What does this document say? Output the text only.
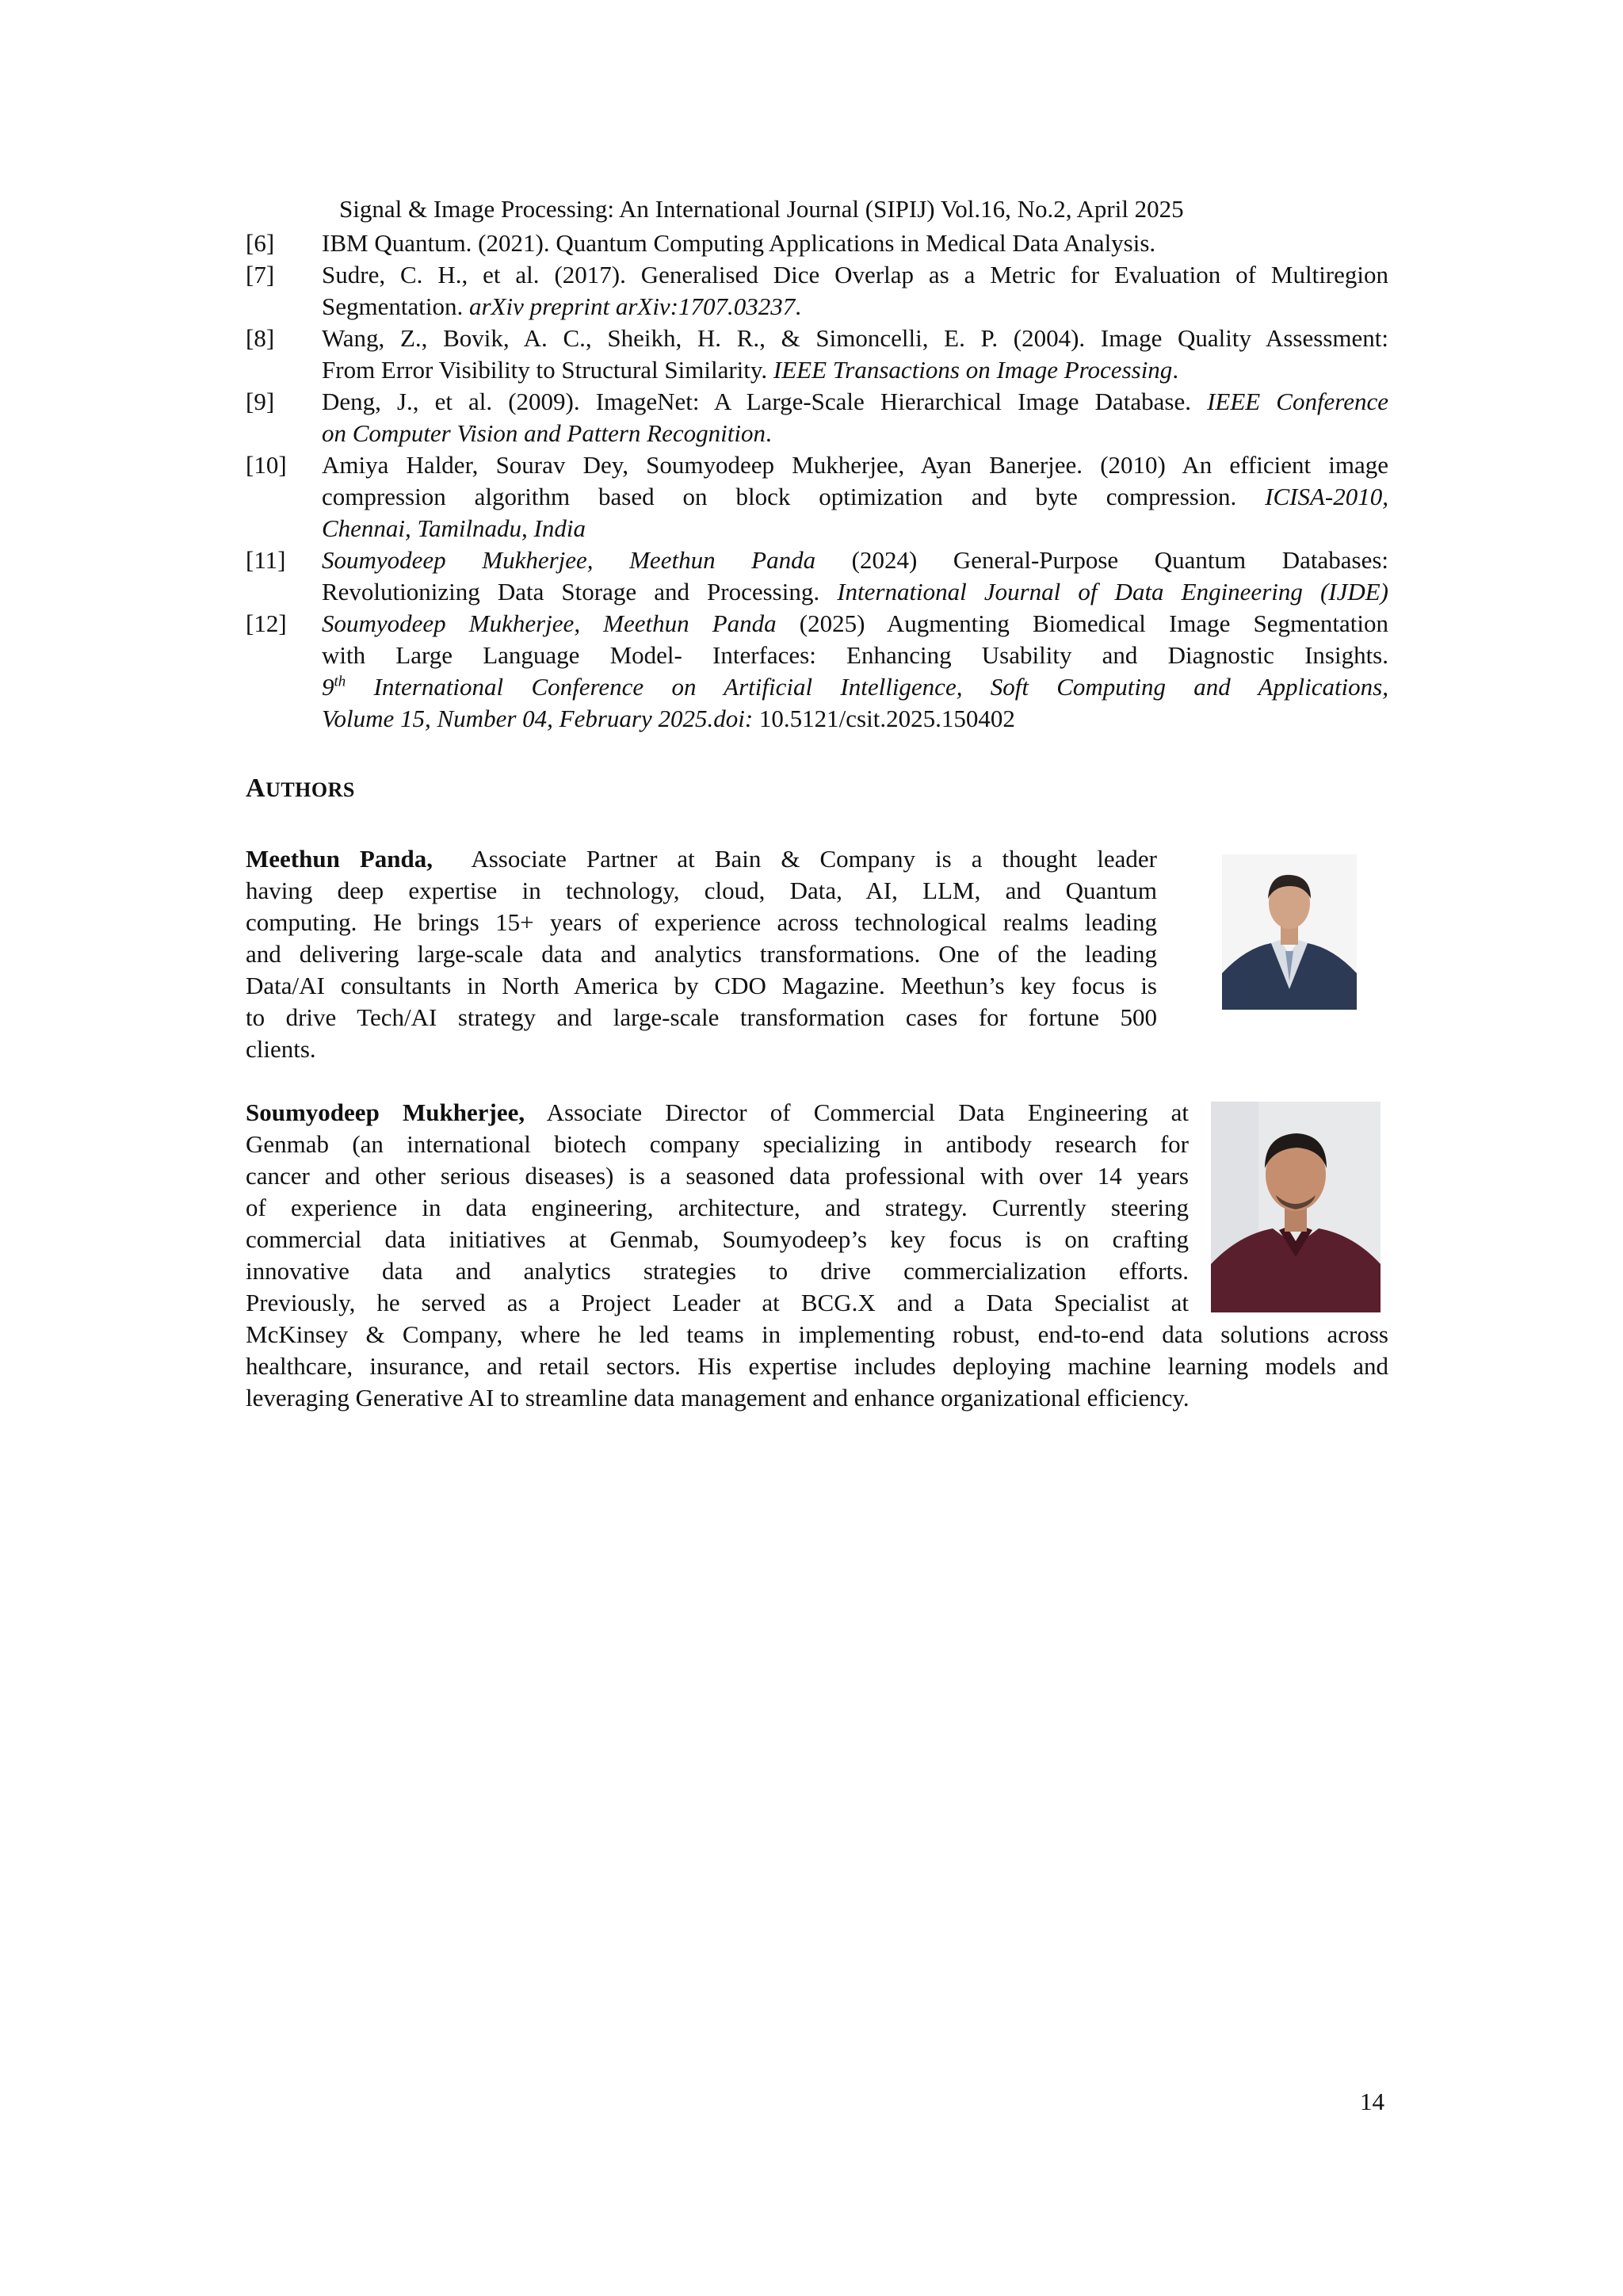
Signal & Image Processing: An International Journal (SIPIJ) Vol.16, No.2, April 2025
[6] IBM Quantum. (2021). Quantum Computing Applications in Medical Data Analysis.
[7] Sudre, C. H., et al. (2017). Generalised Dice Overlap as a Metric for Evaluation of Multiregion
Segmentation. arXiv preprint arXiv:1707.03237.
[8] Wang, Z., Bovik, A. C., Sheikh, H. R., & Simoncelli, E. P. (2004). Image Quality Assessment:
From Error Visibility to Structural Similarity. IEEE Transactions on Image Processing.
[9] Deng, J., et al. (2009). ImageNet: A Large-Scale Hierarchical Image Database. IEEE Conference
on Computer Vision and Pattern Recognition.
[10] Amiya Halder, Sourav Dey, Soumyodeep Mukherjee, Ayan Banerjee. (2010) An efficient image
compression algorithm based on block optimization and byte compression. ICISA-2010,
Chennai, Tamilnadu, India
[11] Soumyodeep Mukherjee, Meethun Panda (2024) General-Purpose Quantum Databases:
Revolutionizing Data Storage and Processing. International Journal of Data Engineering (IJDE)
[12] Soumyodeep Mukherjee, Meethun Panda (2025) Augmenting Biomedical Image Segmentation
with Large Language Model- Interfaces: Enhancing Usability and Diagnostic Insights.
9th International Conference on Artificial Intelligence, Soft Computing and Applications,
Volume 15, Number 04, February 2025.doi: 10.5121/csit.2025.150402
AUTHORS
Meethun Panda,  Associate Partner at Bain & Company is a thought leader
having deep expertise in technology, cloud, Data, AI, LLM, and Quantum
computing. He brings 15+ years of experience across technological realms leading
and delivering large-scale data and analytics transformations. One of the leading
Data/AI consultants in North America by CDO Magazine. Meethun’s key focus is
to drive Tech/AI strategy and large-scale transformation cases for fortune 500
clients.
Soumyodeep Mukherjee, Associate Director of Commercial Data Engineering at
Genmab (an international biotech company specializing in antibody research for
cancer and other serious diseases) is a seasoned data professional with over 14 years
of experience in data engineering, architecture, and strategy. Currently steering
commercial data initiatives at Genmab, Soumyodeep’s key focus is on crafting
innovative data and analytics strategies to drive commercialization efforts.
Previously, he served as a Project Leader at BCG.X and a Data Specialist at
McKinsey & Company, where he led teams in implementing robust, end-to-end data solutions across
healthcare, insurance, and retail sectors. His expertise includes deploying machine learning models and
leveraging Generative AI to streamline data management and enhance organizational efficiency.
14
